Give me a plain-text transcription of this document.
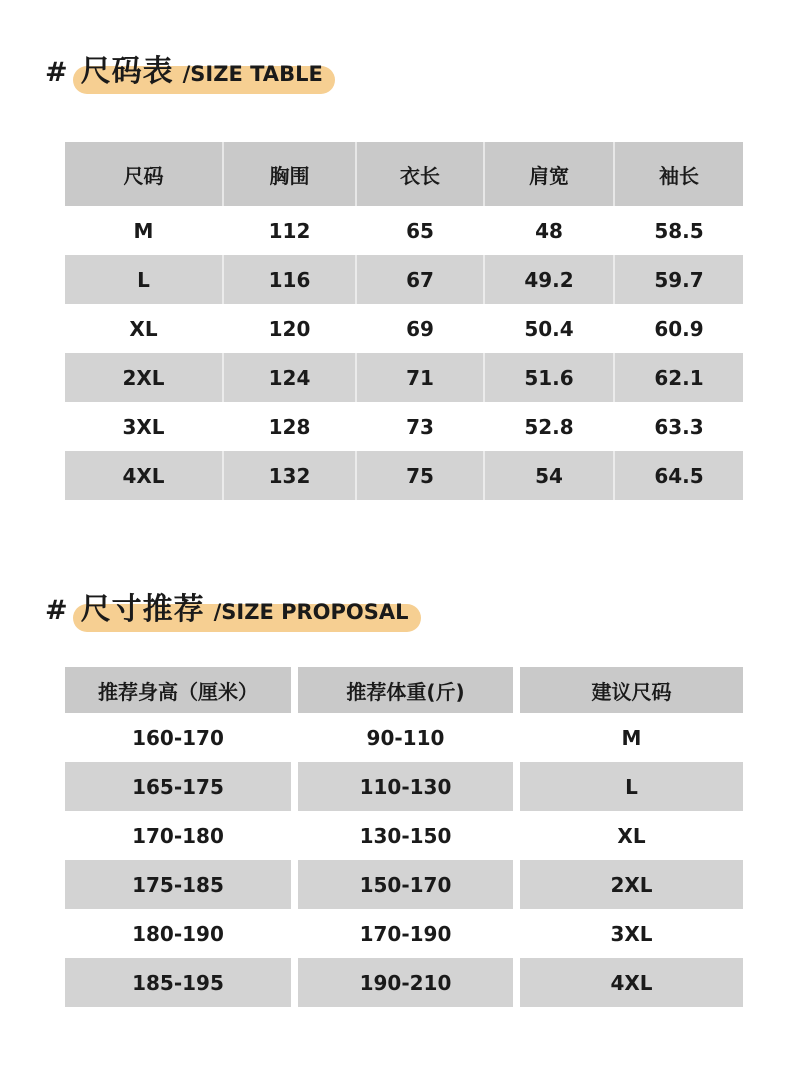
# 尺码表 /SIZE TABLE
尺码	胸围	衣长	肩宽	袖长
M	112	65	48	58.5
L	116	67	49.2	59.7
XL	120	69	50.4	60.9
2XL	124	71	51.6	62.1
3XL	128	73	52.8	63.3
4XL	132	75	54	64.5
# 尺寸推荐 /SIZE PROPOSAL
推荐身高（厘米）	推荐体重(斤)	建议尺码
160-170	90-110	M
165-175	110-130	L
170-180	130-150	XL
175-185	150-170	2XL
180-190	170-190	3XL
185-195	190-210	4XL
